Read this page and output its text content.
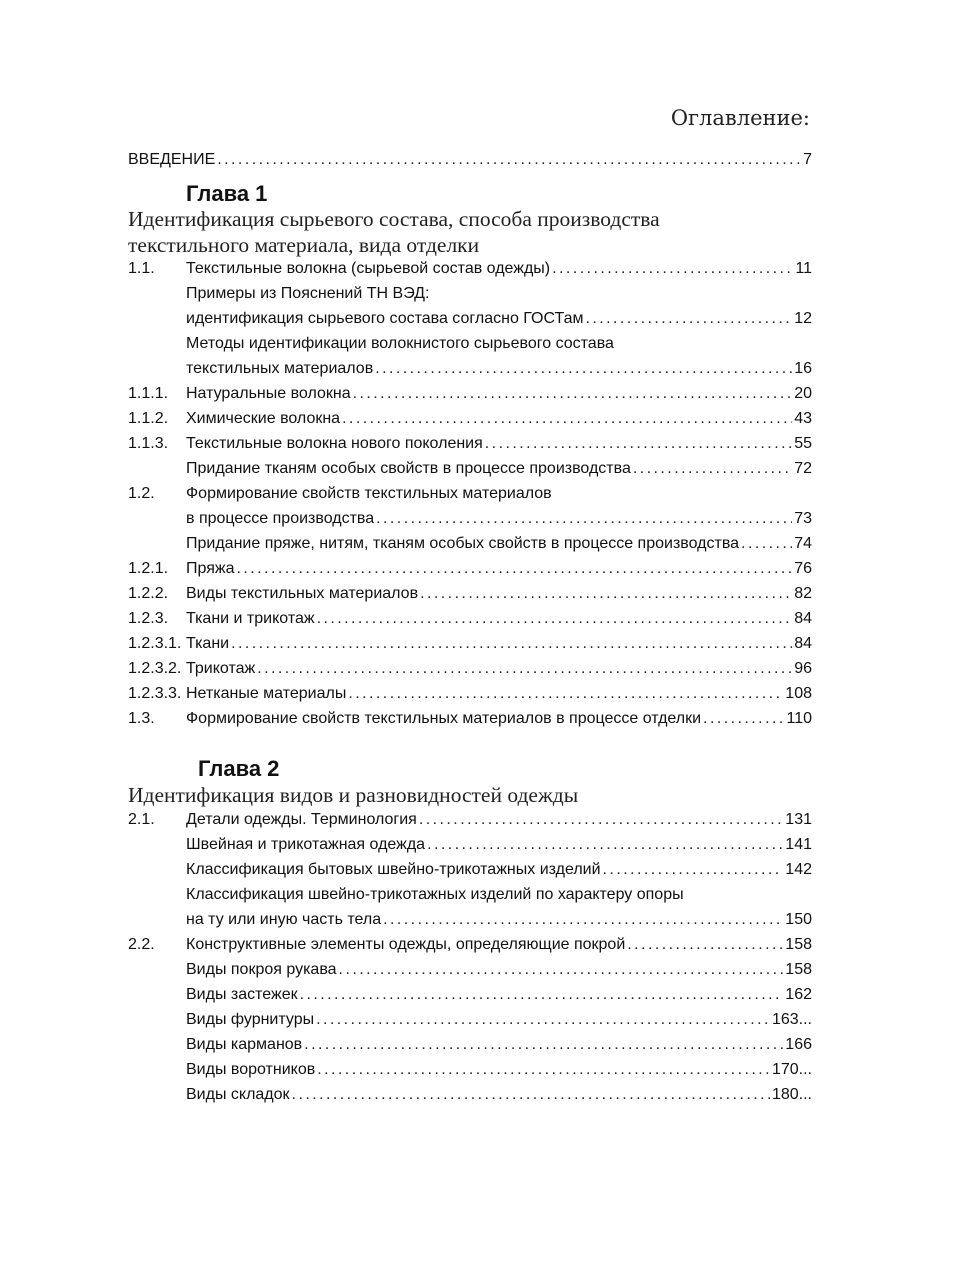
Оглавление:
ВВЕДЕНИЕ . . .	7
Глава 1
Идентификация сырьевого состава, способа производства
текстильного материала, вида отделки
1.1.	Текстильные волокна (сырьевой состав одежды) . . .	11
Примеры из Пояснений ТН ВЭД:
идентификация сырьевого состава согласно ГОСТам . . .	12
Методы идентификации волокнистого сырьевого состава
текстильных материалов . . .	16
1.1.1.	Натуральные волокна . . .	20
1.1.2.	Химические волокна . . .	43
1.1.3.	Текстильные волокна нового поколения . . .	55
Придание тканям особых свойств в процессе производства . . .	72
1.2.	Формирование свойств текстильных материалов
в процессе производства . . .	73
Придание пряже, нитям, тканям особых свойств в процессе производства . . .	74
1.2.1.	Пряжа . . .	76
1.2.2.	Виды текстильных материалов . . .	82
1.2.3.	Ткани и трикотаж . . .	84
1.2.3.1. Ткани . . .	84
1.2.3.2. Трикотаж . . .	96
1.2.3.3. Нетканые материалы . . .	108
1.3.	Формирование свойств текстильных материалов в процессе отделки . . .	110
Глава 2
Идентификация видов и разновидностей одежды
2.1.	Детали одежды. Терминология . . .	131
Швейная и трикотажная одежда . . .	141
Классификация бытовых швейно-трикотажных изделий . . .	142
Классификация швейно-трикотажных изделий по характеру опоры
на ту или иную часть тела . . .	150
2.2.	Конструктивные элементы одежды, определяющие покрой . . .	158
Виды покроя рукава . . .	158
Виды застежек . . .	162
Виды фурнитуры . . .	163...
Виды карманов . . .	166
Виды воротников . . .	170...
Виды складок . . .	180...
